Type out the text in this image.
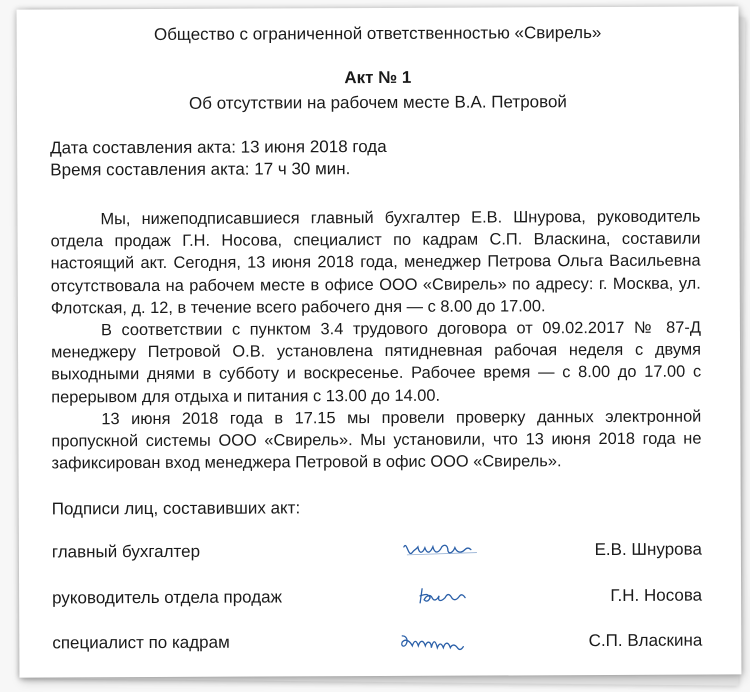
Общество с ограниченной ответственностью «Свирель»
Акт № 1
Об отсутствии на рабочем месте В.А. Петровой
Дата составления акта: 13 июня 2018 года
Время составления акта: 17 ч 30 мин.

Мы, нижеподписавшиеся главный бухгалтер Е.В. Шнурова, руководитель отдела продаж Г.Н. Носова, специалист по кадрам С.П. Власкина, составили настоящий акт. Сегодня, 13 июня 2018 года, менеджер Петрова Ольга Васильевна отсутствовала на рабочем месте в офисе ООО «Свирель» по адресу: г. Москва, ул. Флотская, д. 12, в течение всего рабочего дня — с 8.00 до 17.00.

В соответствии с пунктом 3.4 трудового договора от 09.02.2017 № 87-Д менеджеру Петровой О.В. установлена пятидневная рабочая неделя с двумя выходными днями в субботу и воскресенье. Рабочее время — с 8.00 до 17.00 с перерывом для отдыха и питания с 13.00 до 14.00.

13 июня 2018 года в 17.15 мы провели проверку данных электронной пропускной системы ООО «Свирель». Мы установили, что 13 июня 2018 года не зафиксирован вход менеджера Петровой в офис ООО «Свирель».

Подписи лиц, составивших акт:
главный бухгалтер	Е.В. Шнурова
руководитель отдела продаж	Г.Н. Носова
специалист по кадрам	С.П. Власкина
